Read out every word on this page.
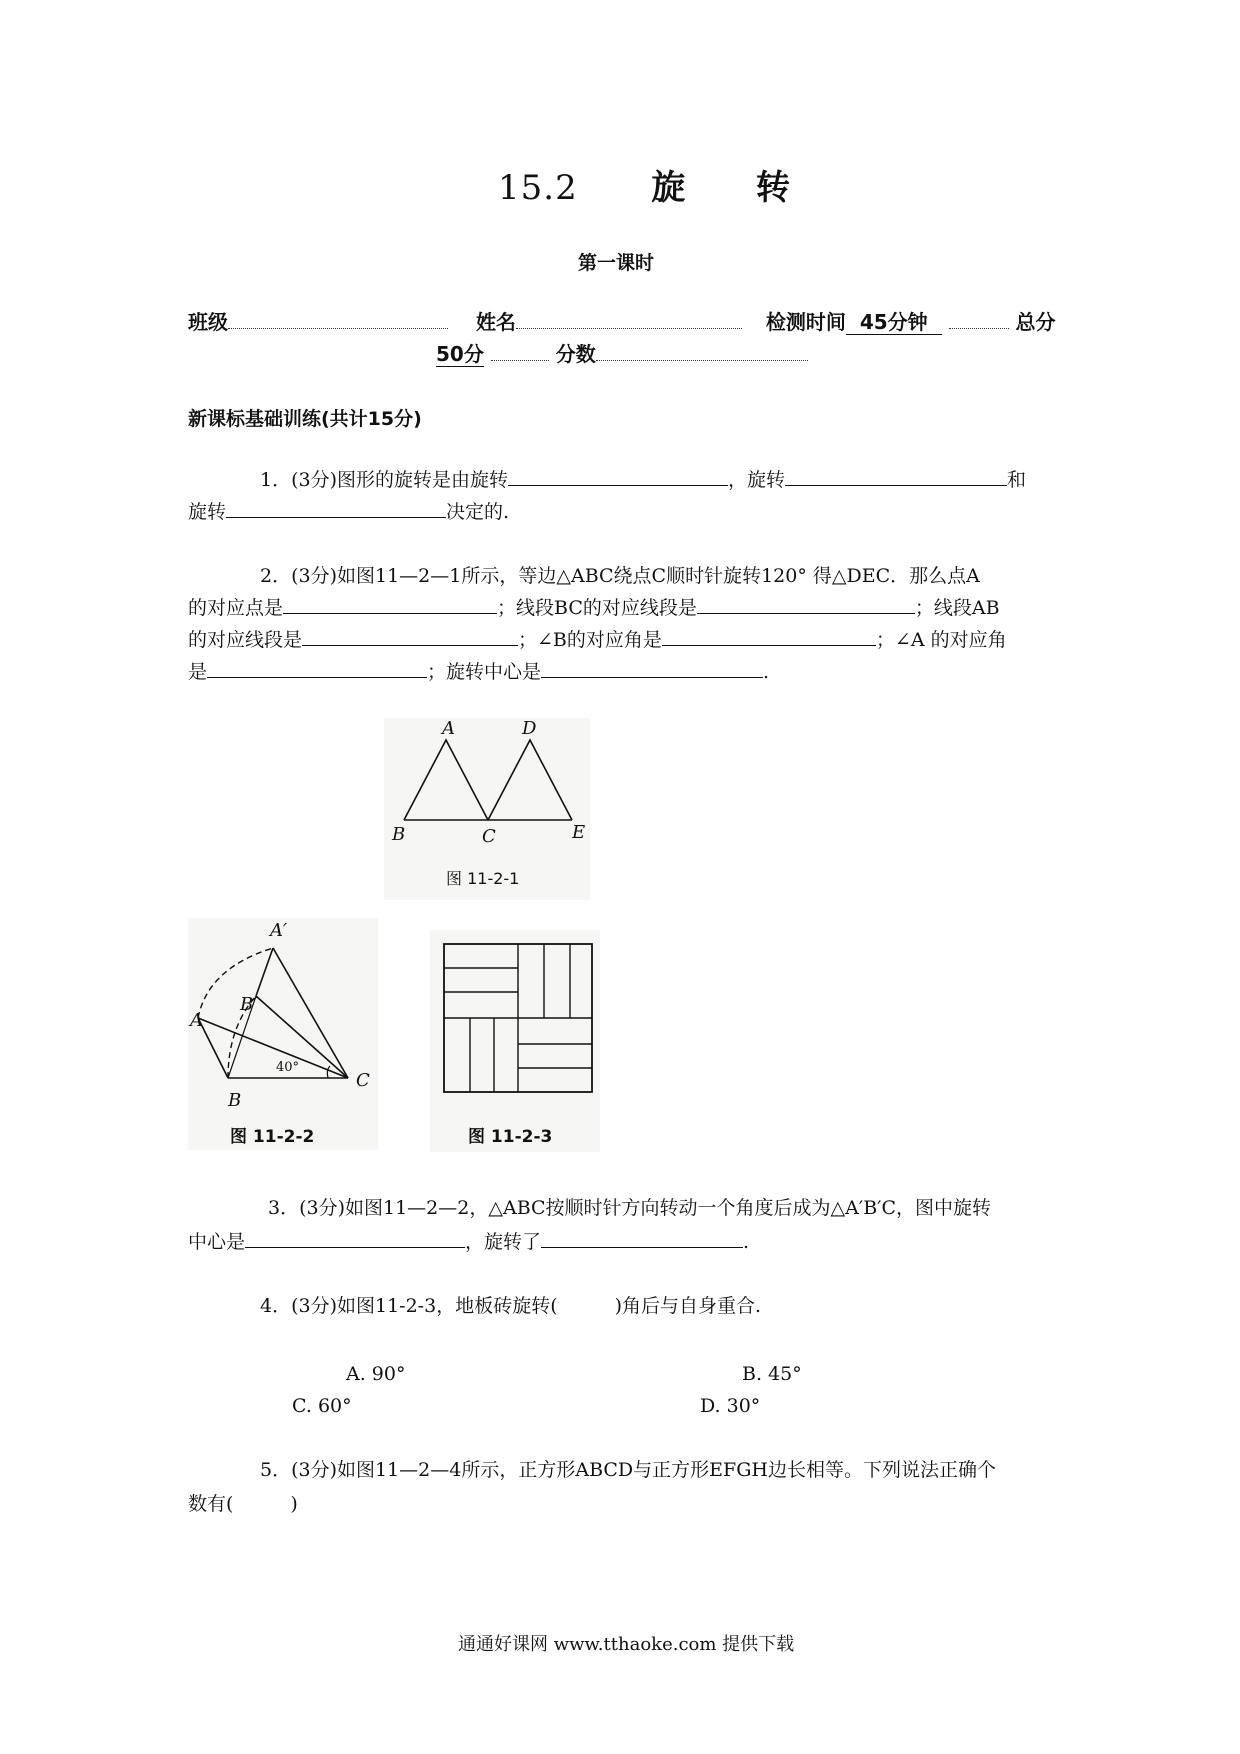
15.2 旋 转
第一课时
班级	姓名	检测时间 45分钟	总分
50分	分数
新课标基础训练(共计15分)
1．(3分)图形的旋转是由旋转	，旋转	和
旋转	决定的.
2．(3分)如图11—2—1所示，等边△ABC绕点C顺时针旋转120° 得△DEC．那么点A
的对应点是	；线段BC的对应线段是	；线段AB
的对应线段是	；∠B的对应角是	；∠A 的对应角
是	；旋转中心是	.
A	D
B	C	E
图 11-2-1
A′
B′
A
B
C
40°
图 11-2-2	图 11-2-3
3．(3分)如图11—2—2，△ABC按顺时针方向转动一个角度后成为△A′B′C，图中旋转
中心是	，旋转了	.
4．(3分)如图11-2-3，地板砖旋转(　　　)角后与自身重合.
A. 90°	B. 45°
C. 60°	D. 30°
5．(3分)如图11—2—4所示，正方形ABCD与正方形EFGH边长相等。下列说法正确个
数有(　　　)
通通好课网 www.tthaoke.com 提供下载
